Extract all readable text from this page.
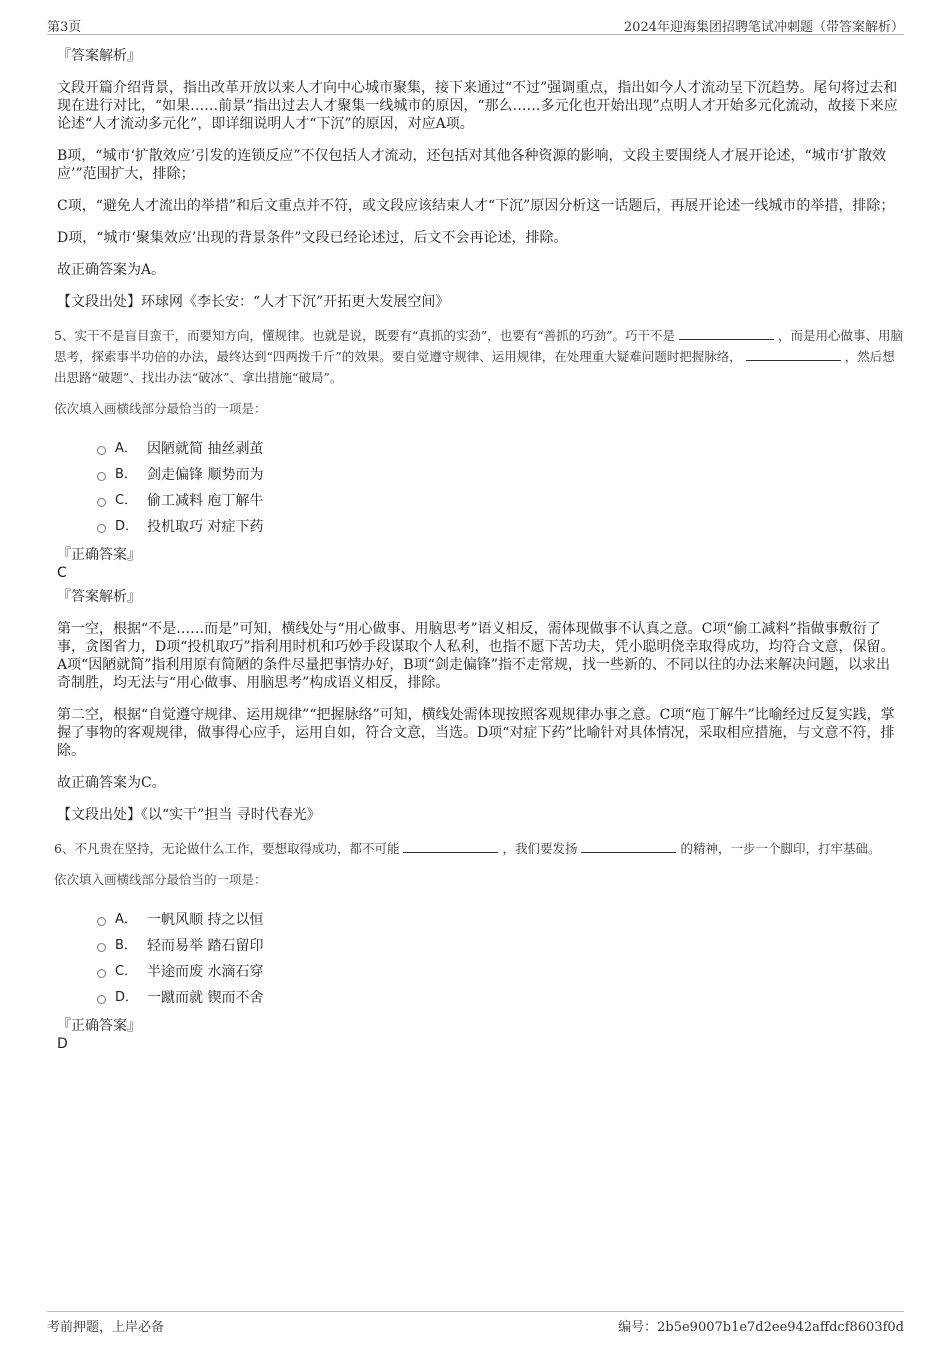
第3页	2024年迎海集团招聘笔试冲刺题（带答案解析）
『答案解析』

文段开篇介绍背景，指出改革开放以来人才向中心城市聚集，接下来通过“不过”强调重点，指出如今人才流动呈下沉趋势。尾句将过去和现在进行对比，“如果……前景”指出过去人才聚集一线城市的原因，“那么……多元化也开始出现”点明人才开始多元化流动，故接下来应论述“人才流动多元化”，即详细说明人才“下沉”的原因，对应A项。

B项，“城市‘扩散效应’引发的连锁反应”不仅包括人才流动，还包括对其他各种资源的影响，文段主要围绕人才展开论述，“城市‘扩散效应’”范围扩大，排除；

C项，“避免人才流出的举措”和后文重点并不符，或文段应该结束人才“下沉”原因分析这一话题后，再展开论述一线城市的举措，排除；

D项，“城市‘聚集效应’出现的背景条件”文段已经论述过，后文不会再论述，排除。

故正确答案为A。

【文段出处】环球网《李长安：“人才下沉”开拓更大发展空间》

5、实干不是盲目蛮干，而要知方向，懂规律。也就是说，既要有“真抓的实劲”，也要有“善抓的巧劲”。巧干不是	，而是用心做事、用脑思考，探索事半功倍的办法，最终达到“四两拨千斤”的效果。要自觉遵守规律、运用规律，在处理重大疑难问题时把握脉络，	，然后想出思路“破题”、找出办法“破冰”、拿出措施“破局”。

依次填入画横线部分最恰当的一项是：

A． 因陋就简 抽丝剥茧
B． 剑走偏锋 顺势而为
C． 偷工减料 庖丁解牛
D． 投机取巧 对症下药
『正确答案』
C
『答案解析』

第一空，根据“不是……而是”可知，横线处与“用心做事、用脑思考”语义相反，需体现做事不认真之意。C项“偷工减料”指做事敷衍了事，贪图省力，D项“投机取巧”指利用时机和巧妙手段谋取个人私利，也指不愿下苦功夫，凭小聪明侥幸取得成功，均符合文意，保留。A项“因陋就简”指利用原有简陋的条件尽量把事情办好，B项“剑走偏锋”指不走常规，找一些新的、不同以往的办法来解决问题，以求出奇制胜，均无法与“用心做事、用脑思考”构成语义相反，排除。

第二空，根据“自觉遵守规律、运用规律”“把握脉络”可知，横线处需体现按照客观规律办事之意。C项“庖丁解牛”比喻经过反复实践，掌握了事物的客观规律，做事得心应手，运用自如，符合文意，当选。D项“对症下药”比喻针对具体情况，采取相应措施，与文意不符，排除。

故正确答案为C。

【文段出处】《以“实干”担当 寻时代春光》

6、不凡贵在坚持，无论做什么工作，要想取得成功，都不可能	，我们要发扬	的精神，一步一个脚印，打牢基础。

依次填入画横线部分最恰当的一项是：

A． 一帆风顺 持之以恒
B． 轻而易举 踏石留印
C． 半途而废 水滴石穿
D． 一蹴而就 锲而不舍
『正确答案』
D
考前押题，上岸必备	编号：2b5e9007b1e7d2ee942affdcf8603f0d
